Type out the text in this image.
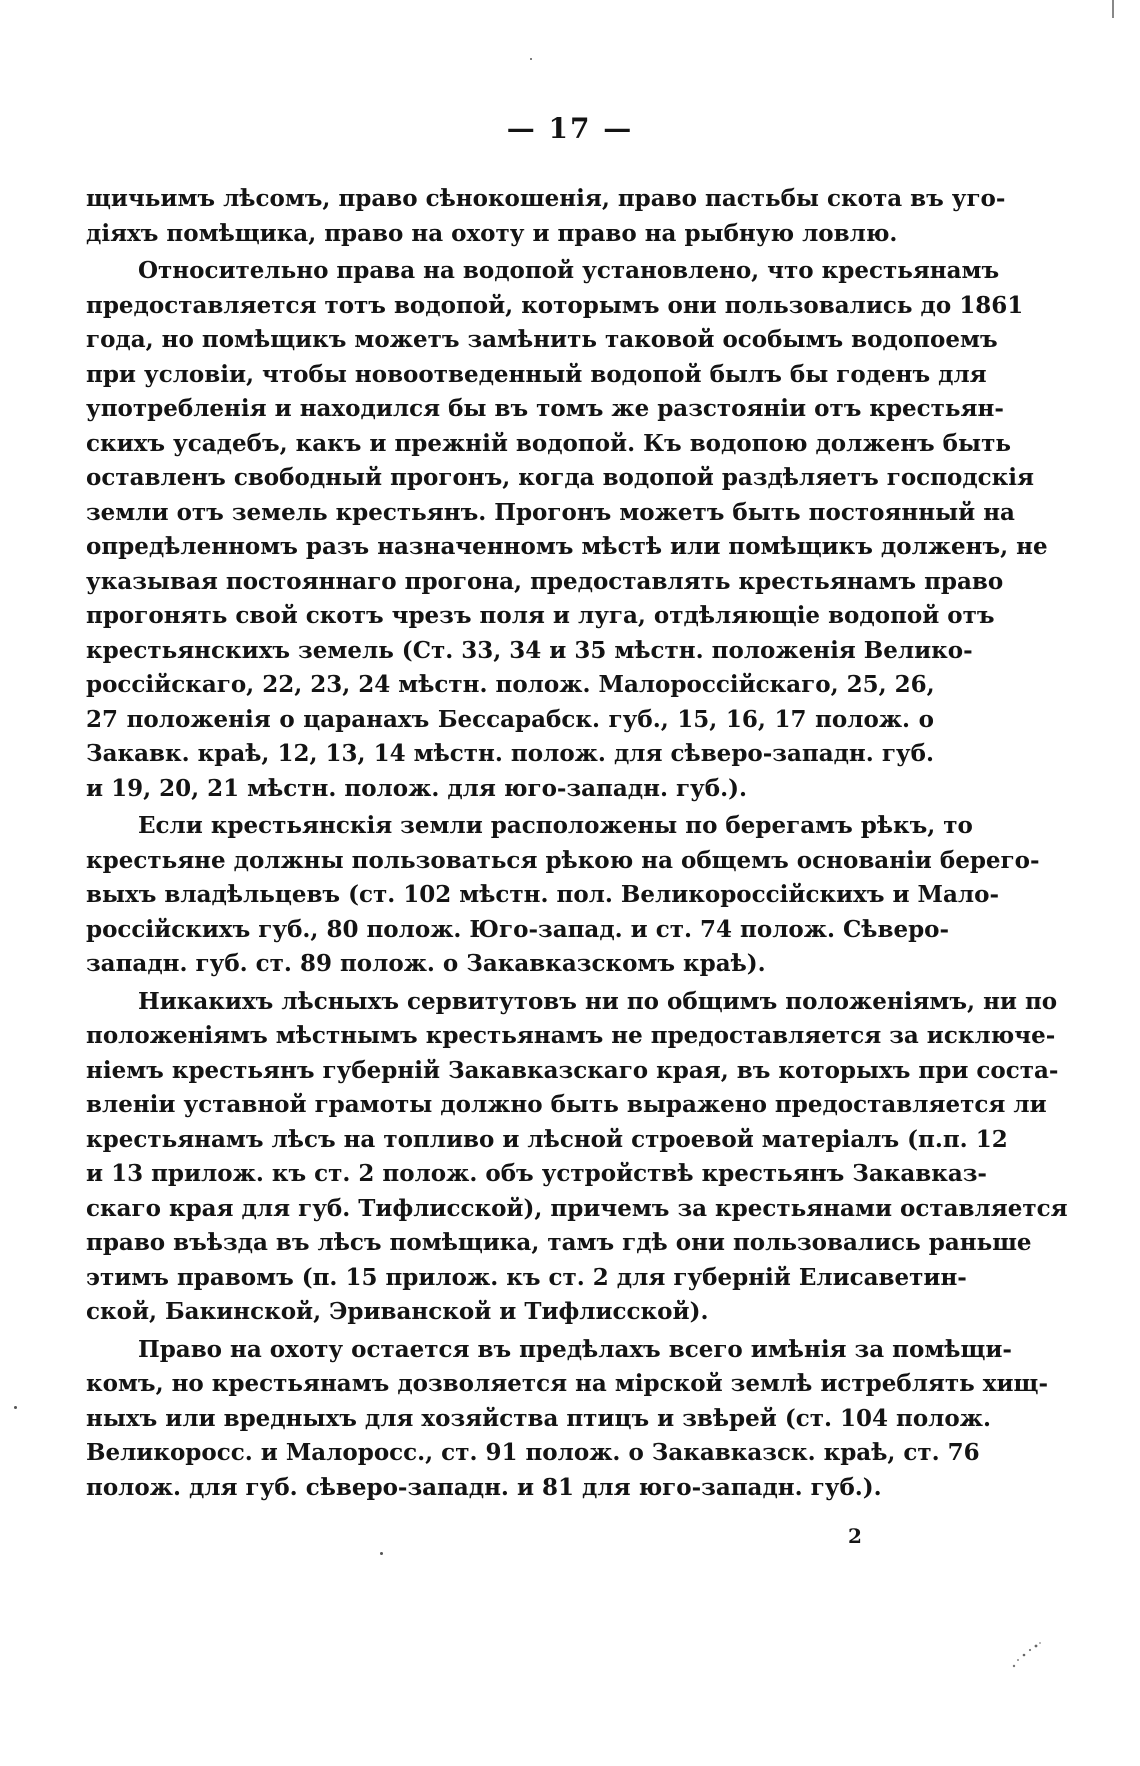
— 17 —
щичьимъ лѣсомъ, право сѣнокошенія, право пастьбы скота въ уго-
діяхъ помѣщика, право на охоту и право на рыбную ловлю.
Относительно права на водопой установлено, что крестьянамъ
предоставляется тотъ водопой, которымъ они пользовались до 1861
года, но помѣщикъ можетъ замѣнить таковой особымъ водопоемъ
при условіи, чтобы новоотведенный водопой былъ бы годенъ для
употребленія и находился бы въ томъ же разстояніи отъ крестьян-
скихъ усадебъ, какъ и прежній водопой. Къ водопою долженъ быть
оставленъ свободный прогонъ, когда водопой раздѣляетъ господскія
земли отъ земель крестьянъ. Прогонъ можетъ быть постоянный на
опредѣленномъ разъ назначенномъ мѣстѣ или помѣщикъ долженъ, не
указывая постояннаго прогона, предоставлять крестьянамъ право
прогонять свой скотъ чрезъ поля и луга, отдѣляющіе водопой отъ
крестьянскихъ земель (Ст. 33, 34 и 35 мѣстн. положенія Велико-
россійскаго, 22, 23, 24 мѣстн. полож. Малороссійскаго, 25, 26,
27 положенія о царанахъ Бессарабск. губ., 15, 16, 17 полож. о
Закавк. краѣ, 12, 13, 14 мѣстн. полож. для сѣверо-западн. губ.
и 19, 20, 21 мѣстн. полож. для юго-западн. губ.).
Если крестьянскія земли расположены по берегамъ рѣкъ, то
крестьяне должны пользоваться рѣкою на общемъ основаніи берего-
выхъ владѣльцевъ (ст. 102 мѣстн. пол. Великороссійскихъ и Мало-
россійскихъ губ., 80 полож. Юго-запад. и ст. 74 полож. Сѣверо-
западн. губ. ст. 89 полож. о Закавказскомъ краѣ).
Никакихъ лѣсныхъ сервитутовъ ни по общимъ положеніямъ, ни по
положеніямъ мѣстнымъ крестьянамъ не предоставляется за исключе-
ніемъ крестьянъ губерній Закавказскаго края, въ которыхъ при соста-
вленіи уставной грамоты должно быть выражено предоставляется ли
крестьянамъ лѣсъ на топливо и лѣсной строевой матеріалъ (п.п. 12
и 13 прилож. къ ст. 2 полож. объ устройствѣ крестьянъ Закавказ-
скаго края для губ. Тифлисской), причемъ за крестьянами оставляется
право въѣзда въ лѣсъ помѣщика, тамъ гдѣ они пользовались раньше
этимъ правомъ (п. 15 прилож. къ ст. 2 для губерній Елисаветин-
ской, Бакинской, Эриванской и Тифлисской).
Право на охоту остается въ предѣлахъ всего имѣнія за помѣщи-
комъ, но крестьянамъ дозволяется на мірской землѣ истреблять хищ-
ныхъ или вредныхъ для хозяйства птицъ и звѣрей (ст. 104 полож.
Великоросс. и Малоросс., ст. 91 полож. о Закавказск. краѣ, ст. 76
полож. для губ. сѣверо-западн. и 81 для юго-западн. губ.).
2
